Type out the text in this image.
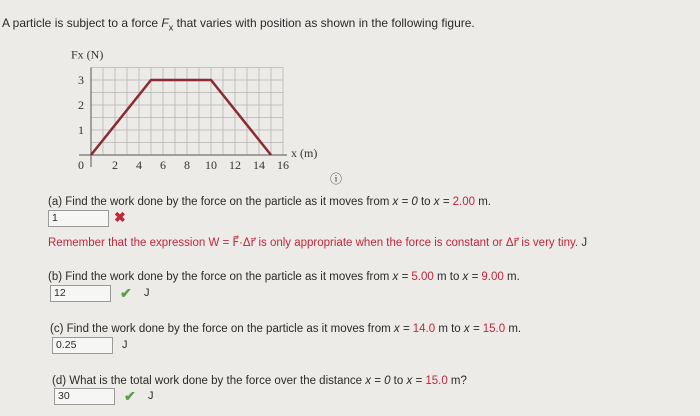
A particle is subject to a force $F_x$ that varies with position as shown in the following figure.
0 2 4 6 8 10 12 14 16
1
2
3
x (m)
Fx (N)
ⓘ
(a) Find the work done by the force on the particle as it moves from x = 0 to x = 2.00 m.
1	✖
Remember that the expression W = F⃗·Δr⃗ is only appropriate when the force is constant or Δr⃗ is very tiny. J
(b) Find the work done by the force on the particle as it moves from x = 5.00 m to x = 9.00 m.
12	✔ J
(c) Find the work done by the force on the particle as it moves from x = 14.0 m to x = 15.0 m.
0.25	J
(d) What is the total work done by the force over the distance x = 0 to x = 15.0 m?
30	✔ J
